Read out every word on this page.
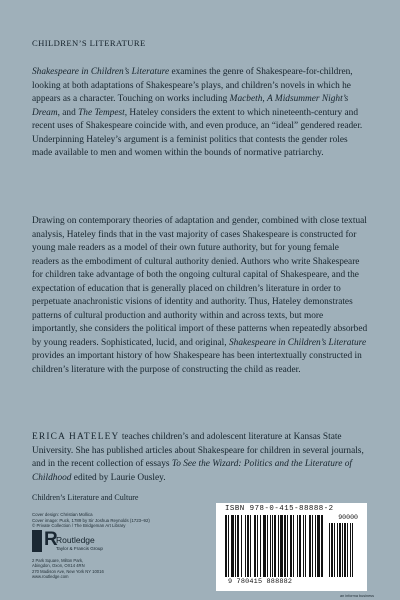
CHILDREN’S LITERATURE

Shakespeare in Children’s Literature examines the genre of Shakespeare-for-children, looking at both adaptations of Shakespeare’s plays, and children’s novels in which he appears as a character. Touching on works including Macbeth, A Midsummer Night’s Dream, and The Tempest, Hateley considers the extent to which nineteenth-century and recent uses of Shakespeare coincide with, and even produce, an “ideal” gendered reader. Underpinning Hateley’s argument is a feminist politics that contests the gender roles made available to men and women within the bounds of normative patriarchy.

Drawing on contemporary theories of adaptation and gender, combined with close textual analysis, Hateley finds that in the vast majority of cases Shakespeare is constructed for young male readers as a model of their own future authority, but for young female readers as the embodiment of cultural authority denied. Authors who write Shakespeare for children take advantage of both the ongoing cultural capital of Shakespeare, and the expectation of education that is generally placed on children’s literature in order to perpetuate anachronistic visions of identity and authority. Thus, Hateley demonstrates patterns of cultural production and authority within and across texts, but more importantly, she considers the political import of these patterns when repeatedly absorbed by young readers. Sophisticated, lucid, and original, Shakespeare in Children’s Literature provides an important history of how Shakespeare has been intertextually constructed in children’s literature with the purpose of constructing the child as reader.

ERICA HATELEY teaches children’s and adolescent literature at Kansas State University. She has published articles about Shakespeare for children in several journals, and in the recent collection of essays To See the Wizard: Politics and the Literature of Childhood edited by Laurie Ousley.

Children’s Literature and Culture
Cover design: Christian Mollica
Cover image: Puck, 1789 by Sir Joshua Reynolds (1723–92)
© Private Collection / The Bridgeman Art Library
R
Routledge
Taylor & Francis Group
2 Park Square, Milton Park,
Abingdon, Oxon, OX14 4RN
270 Madison Ave, New York NY 10016
www.routledge.com
ISBN 978-0-415-88888-2
90000
9 780415 888882
an informa business
